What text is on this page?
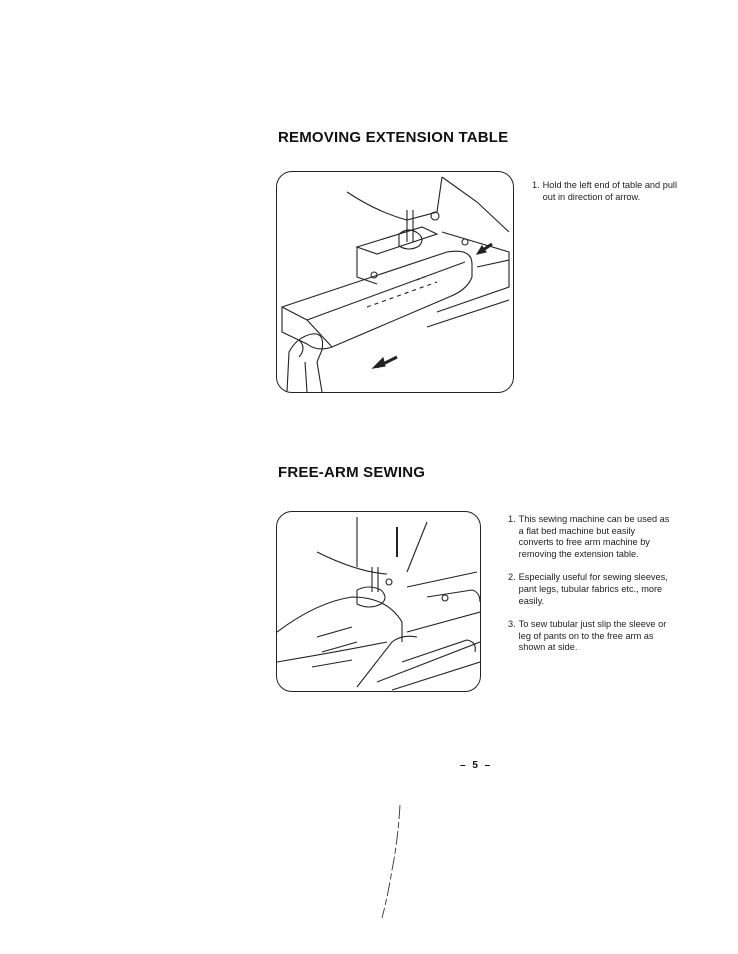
REMOVING EXTENSION TABLE

1. Hold the left end of table and pull out in direction of arrow.

FREE-ARM SEWING

1. This sewing machine can be used as a flat bed machine but easily converts to free arm machine by removing the extension table.

2. Especially useful for sewing sleeves, pant legs, tubular fabrics etc., more easily.

3. To sew tubular just slip the sleeve or leg of pants on to the free arm as shown at side.

– 5 –
